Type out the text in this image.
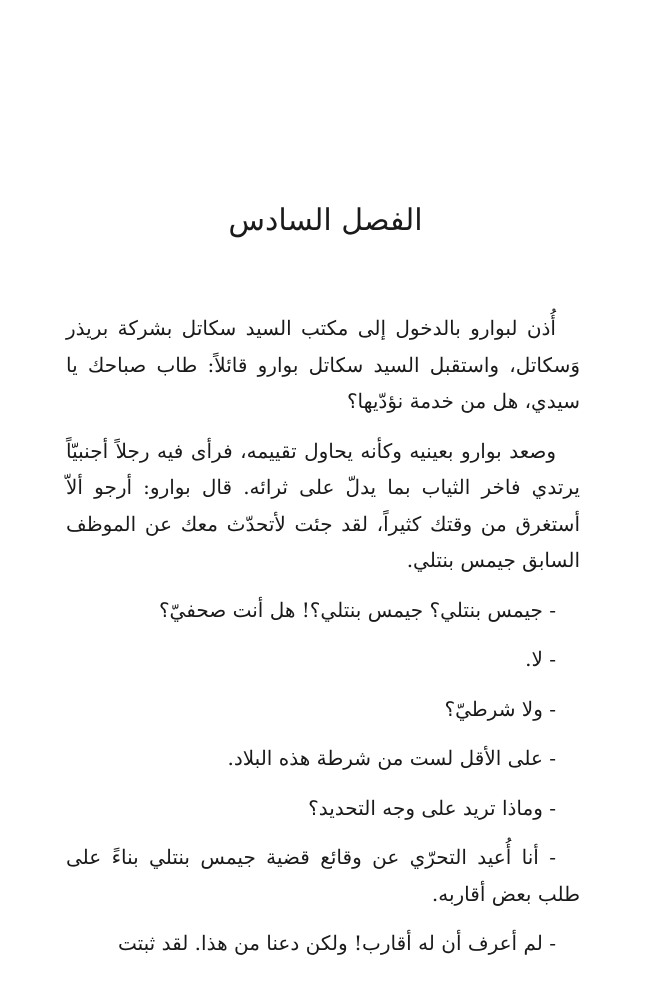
الفصل السادس

أُذن لبوارو بالدخول إلى مكتب السيد سكاتل بشركة بريذر وَسكاتل، واستقبل السيد سكاتل بوارو قائلاً: طاب صباحك يا سيدي، هل من خدمة نؤدّيها؟

وصعد بوارو بعينيه وكأنه يحاول تقييمه، فرأى فيه رجلاً أجنبيّاً يرتدي فاخر الثياب بما يدلّ على ثرائه. قال بوارو: أرجو ألاّ أستغرق من وقتك كثيراً، لقد جئت لأتحدّث معك عن الموظف السابق جيمس بنتلي.

- جيمس بنتلي؟ جيمس بنتلي؟! هل أنت صحفيّ؟

- لا.

- ولا شرطيّ؟

- على الأقل لست من شرطة هذه البلاد.

- وماذا تريد على وجه التحديد؟

- أنا أُعيد التحرّي عن وقائع قضية جيمس بنتلي بناءً على طلب بعض أقاربه.

- لم أعرف أن له أقارب! ولكن دعنا من هذا. لقد ثبتت
